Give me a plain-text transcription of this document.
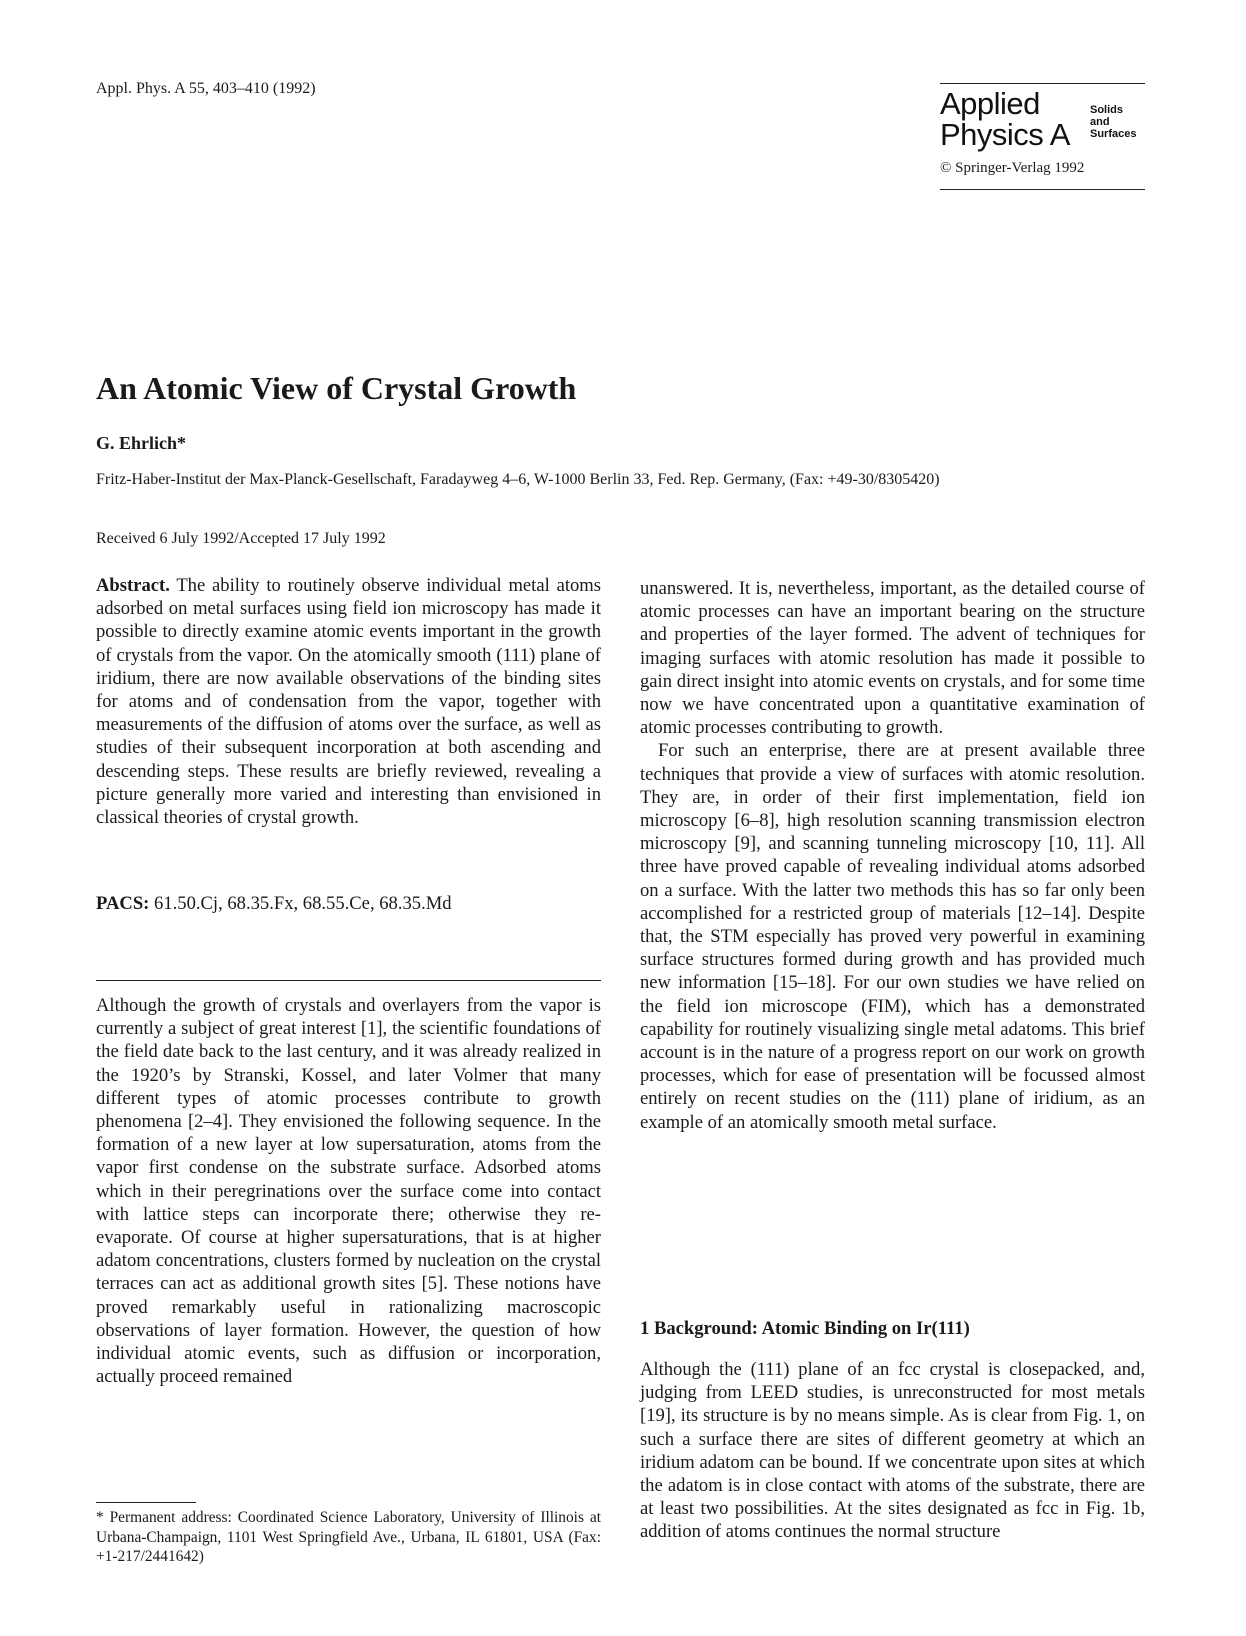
Appl. Phys. A 55, 403–410 (1992)	Applied
Physics A
Solids
and
Surfaces
© Springer-Verlag 1992
An Atomic View of Crystal Growth
G. Ehrlich*
Fritz-Haber-Institut der Max-Planck-Gesellschaft, Faradayweg 4–6, W-1000 Berlin 33, Fed. Rep. Germany, (Fax: +49-30/8305420)
Received 6 July 1992/Accepted 17 July 1992

Abstract. The ability to routinely observe individual metal atoms adsorbed on metal surfaces using field ion microscopy has made it possible to directly examine atomic events important in the growth of crystals from the vapor. On the atomically smooth (111) plane of iridium, there are now available observations of the binding sites for atoms and of condensation from the vapor, together with measurements of the diffusion of atoms over the surface, as well as studies of their subsequent incorporation at both ascending and descending steps. These results are briefly reviewed, revealing a picture generally more varied and interesting than envisioned in classical theories of crystal growth.

PACS: 61.50.Cj, 68.35.Fx, 68.55.Ce, 68.35.Md

Although the growth of crystals and overlayers from the vapor is currently a subject of great interest [1], the scientific foundations of the field date back to the last century, and it was already realized in the 1920’s by Stranski, Kossel, and later Volmer that many different types of atomic processes contribute to growth phenomena [2–4]. They envisioned the following sequence. In the formation of a new layer at low supersaturation, atoms from the vapor first condense on the substrate surface. Adsorbed atoms which in their peregrinations over the surface come into contact with lattice steps can incorporate there; otherwise they re-evaporate. Of course at higher supersaturations, that is at higher adatom concentrations, clusters formed by nucleation on the crystal terraces can act as additional growth sites [5]. These notions have proved remarkably useful in rationalizing macroscopic observations of layer formation. However, the question of how individual atomic events, such as diffusion or incorporation, actually proceed remained

* Permanent address: Coordinated Science Laboratory, University of Illinois at Urbana-Champaign, 1101 West Springfield Ave., Urbana, IL 61801, USA (Fax: +1-217/2441642)

unanswered. It is, nevertheless, important, as the detailed course of atomic processes can have an important bearing on the structure and properties of the layer formed. The advent of techniques for imaging surfaces with atomic resolution has made it possible to gain direct insight into atomic events on crystals, and for some time now we have concentrated upon a quantitative examination of atomic processes contributing to growth.

For such an enterprise, there are at present available three techniques that provide a view of surfaces with atomic resolution. They are, in order of their first implementation, field ion microscopy [6–8], high resolution scanning transmission electron microscopy [9], and scanning tunneling microscopy [10, 11]. All three have proved capable of revealing individual atoms adsorbed on a surface. With the latter two methods this has so far only been accomplished for a restricted group of materials [12–14]. Despite that, the STM especially has proved very powerful in examining surface structures formed during growth and has provided much new information [15–18]. For our own studies we have relied on the field ion microscope (FIM), which has a demonstrated capability for routinely visualizing single metal adatoms. This brief account is in the nature of a progress report on our work on growth processes, which for ease of presentation will be focussed almost entirely on recent studies on the (111) plane of iridium, as an example of an atomically smooth metal surface.

1 Background: Atomic Binding on Ir(111)

Although the (111) plane of an fcc crystal is closepacked, and, judging from LEED studies, is unreconstructed for most metals [19], its structure is by no means simple. As is clear from Fig. 1, on such a surface there are sites of different geometry at which an iridium adatom can be bound. If we concentrate upon sites at which the adatom is in close contact with atoms of the substrate, there are at least two possibilities. At the sites designated as fcc in Fig. 1b, addition of atoms continues the normal structure
